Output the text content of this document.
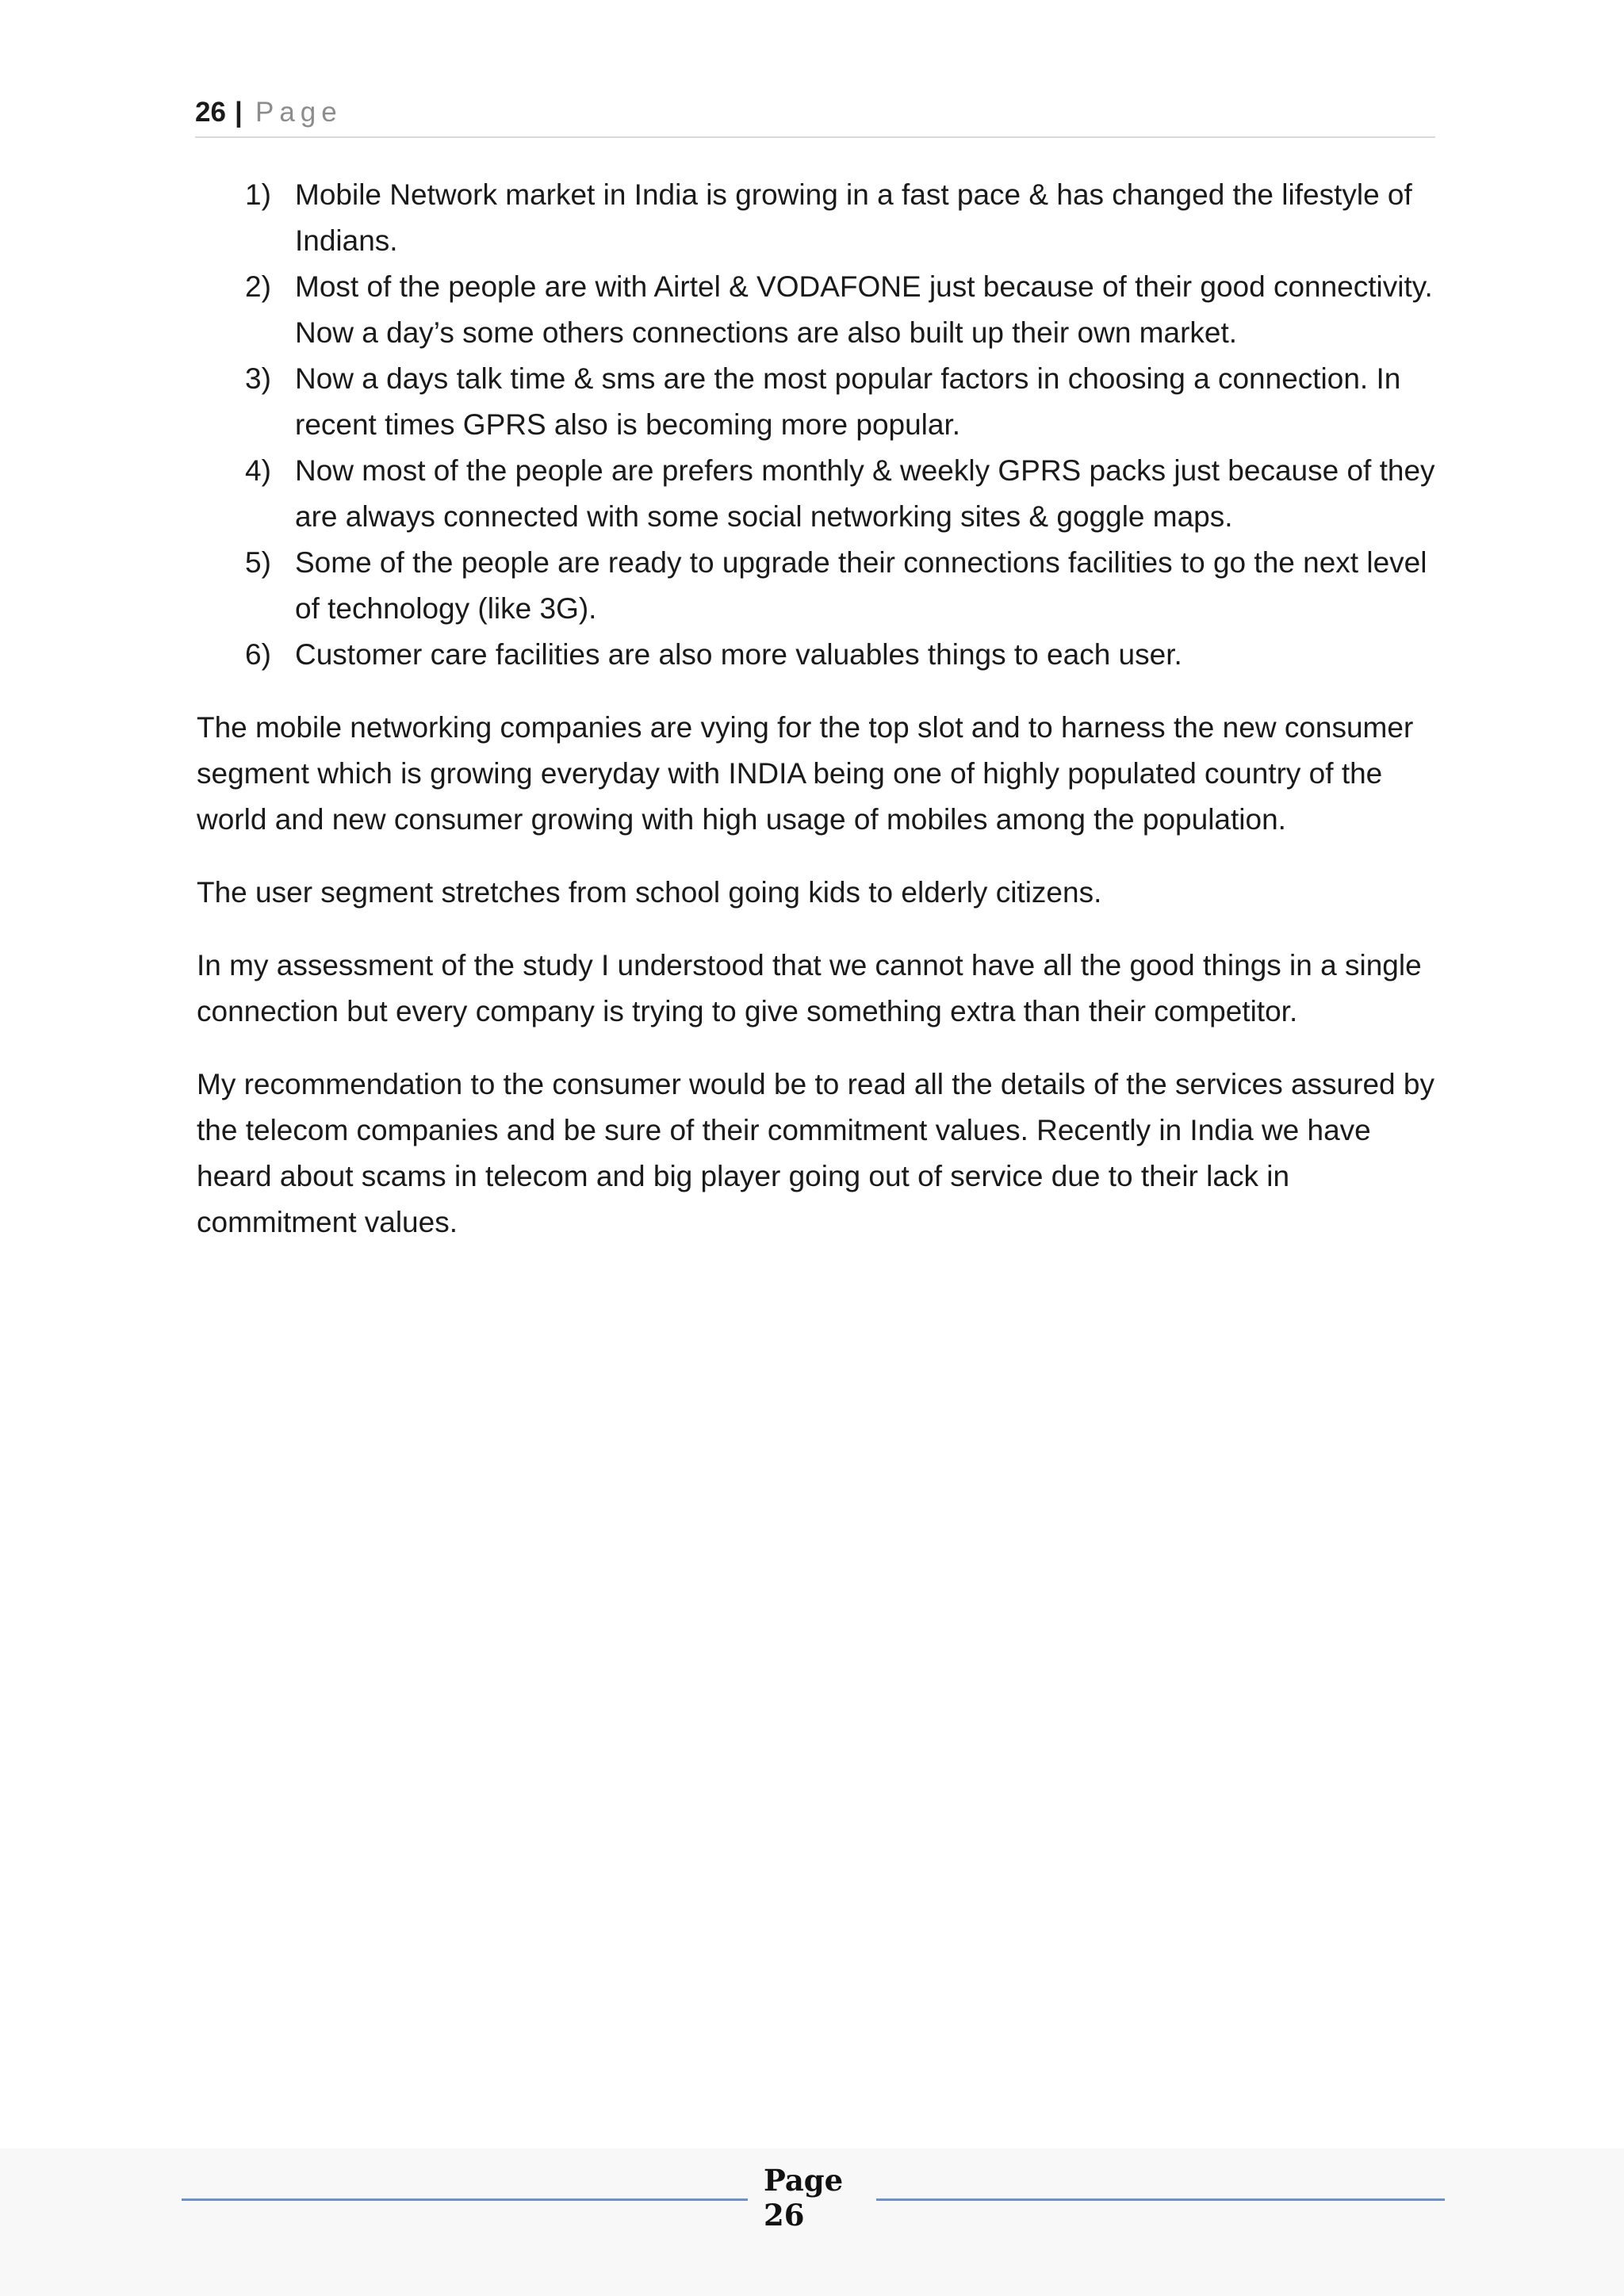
26 | Page
1) Mobile Network market in India is growing in a fast pace & has changed the lifestyle of Indians.
2) Most of the people are with Airtel & VODAFONE just because of their good connectivity. Now a day’s some others connections are also built up their own market.
3) Now a days talk time & sms are the most popular factors in choosing a connection. In recent times GPRS also is becoming more popular.
4) Now most of the people are prefers monthly & weekly GPRS packs just because of they are always connected with some social networking sites & goggle maps.
5) Some of the people are ready to upgrade their connections facilities to go the next level of technology (like 3G).
6) Customer care facilities are also more valuables things to each user.

The mobile networking companies are vying for the top slot and to harness the new consumer segment which is growing everyday with INDIA being one of highly populated country of the world and new consumer growing with high usage of mobiles among the population.

The user segment stretches from school going kids to elderly citizens.

In my assessment of the study I understood that we cannot have all the good things in a single connection but every company is trying to give something extra than their competitor.

My recommendation to the consumer would be to read all the details of the services assured by the telecom companies and be sure of their commitment values. Recently in India we have heard about scams in telecom and big player going out of service due to their lack in commitment values.

Page
26
